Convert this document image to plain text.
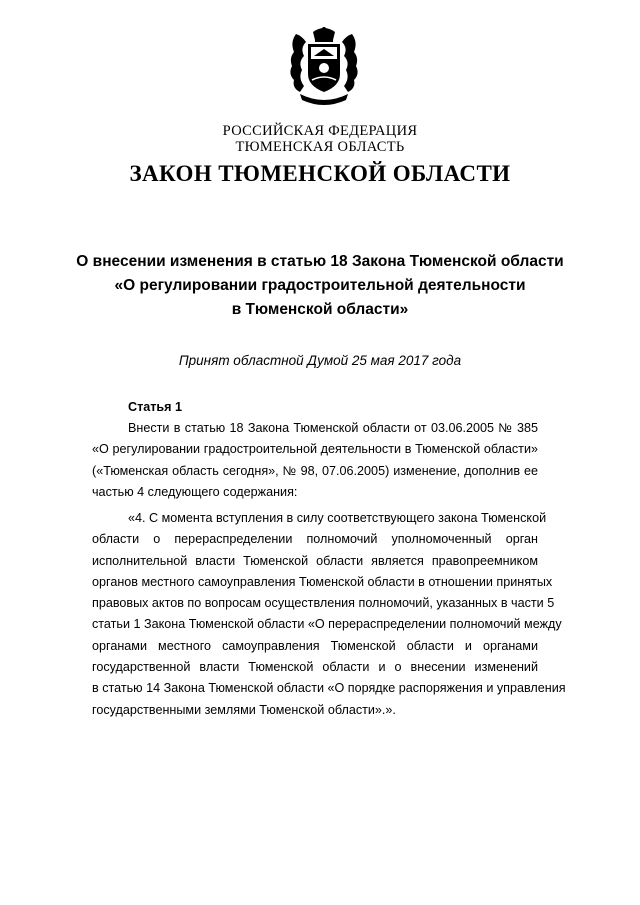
РОССИЙСКАЯ ФЕДЕРАЦИЯ
ТЮМЕНСКАЯ ОБЛАСТЬ
ЗАКОН ТЮМЕНСКОЙ ОБЛАСТИ
О внесении изменения в статью 18 Закона Тюменской области
«О регулировании градостроительной деятельности
в Тюменской области»
Принят областной Думой 25 мая 2017 года
Статья 1
Внести в статью 18 Закона Тюменской области от 03.06.2005 № 385
«О регулировании градостроительной деятельности в Тюменской области»
(«Тюменская область сегодня», № 98, 07.06.2005) изменение, дополнив ее
частью 4 следующего содержания:
«4. С момента вступления в силу соответствующего закона Тюменской
области о перераспределении полномочий уполномоченный орган
исполнительной власти Тюменской области является правопреемником
органов местного самоуправления Тюменской области в отношении принятых
правовых актов по вопросам осуществления полномочий, указанных в части 5
статьи 1 Закона Тюменской области «О перераспределении полномочий между
органами местного самоуправления Тюменской области и органами
государственной власти Тюменской области и о внесении изменений
в статью 14 Закона Тюменской области «О порядке распоряжения и управления
государственными землями Тюменской области».».
